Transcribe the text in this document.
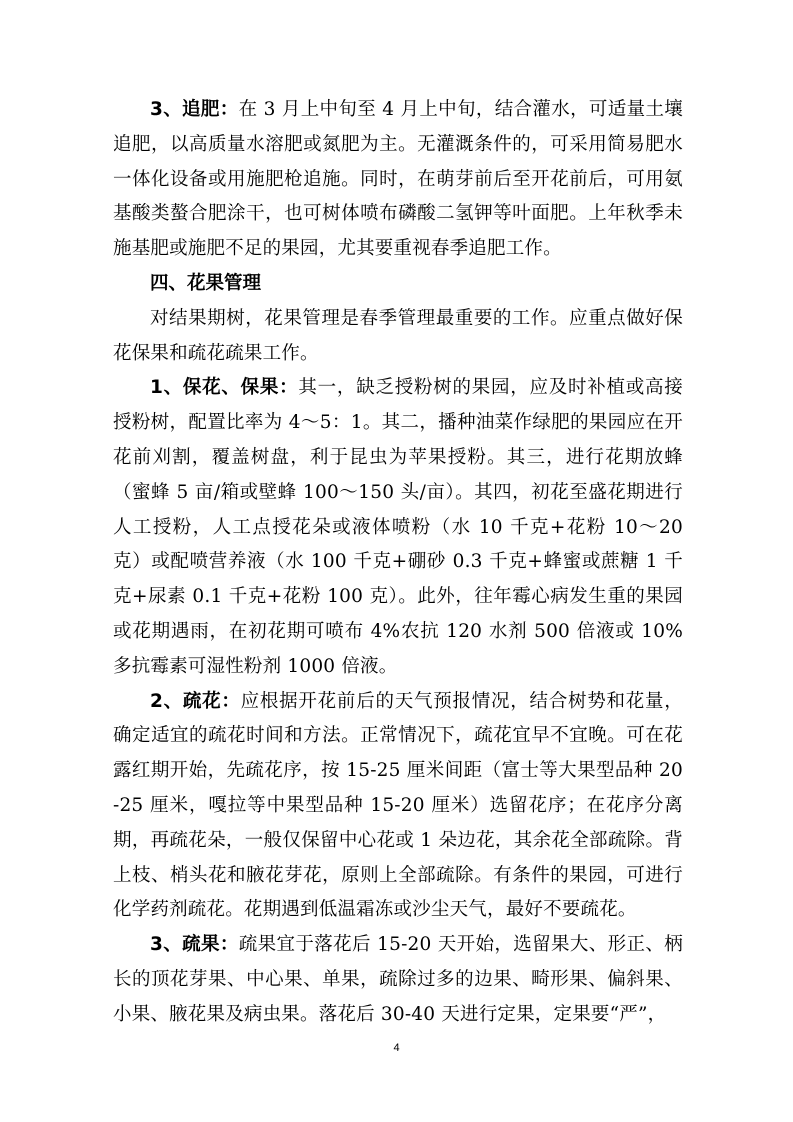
3、追肥：在 3 月上中旬至 4 月上中旬，结合灌水，可适量土壤追肥，以高质量水溶肥或氮肥为主。无灌溉条件的，可采用简易肥水一体化设备或用施肥枪追施。同时，在萌芽前后至开花前后，可用氨基酸类螯合肥涂干，也可树体喷布磷酸二氢钾等叶面肥。上年秋季未施基肥或施肥不足的果园，尤其要重视春季追肥工作。

四、花果管理

对结果期树，花果管理是春季管理最重要的工作。应重点做好保花保果和疏花疏果工作。

1、保花、保果：其一，缺乏授粉树的果园，应及时补植或高接授粉树，配置比率为 4～5：1。其二，播种油菜作绿肥的果园应在开花前刈割，覆盖树盘，利于昆虫为苹果授粉。其三，进行花期放蜂（蜜蜂 5 亩/箱或壁蜂 100～150 头/亩）。其四，初花至盛花期进行人工授粉，人工点授花朵或液体喷粉（水 10 千克+花粉 10～20 克）或配喷营养液（水 100 千克+硼砂 0.3 千克+蜂蜜或蔗糖 1 千克+尿素 0.1 千克+花粉 100 克）。此外，往年霉心病发生重的果园或花期遇雨，在初花期可喷布 4%农抗 120 水剂 500 倍液或 10%多抗霉素可湿性粉剂 1000 倍液。

2、疏花：应根据开花前后的天气预报情况，结合树势和花量，确定适宜的疏花时间和方法。正常情况下，疏花宜早不宜晚。可在花露红期开始，先疏花序，按 15-25 厘米间距（富士等大果型品种 20-25 厘米，嘎拉等中果型品种 15-20 厘米）选留花序；在花序分离期，再疏花朵，一般仅保留中心花或 1 朵边花，其余花全部疏除。背上枝、梢头花和腋花芽花，原则上全部疏除。有条件的果园，可进行化学药剂疏花。花期遇到低温霜冻或沙尘天气，最好不要疏花。

3、疏果：疏果宜于落花后 15-20 天开始，选留果大、形正、柄长的顶花芽果、中心果、单果，疏除过多的边果、畸形果、偏斜果、小果、腋花果及病虫果。落花后 30-40 天进行定果，定果要“严”，

4
